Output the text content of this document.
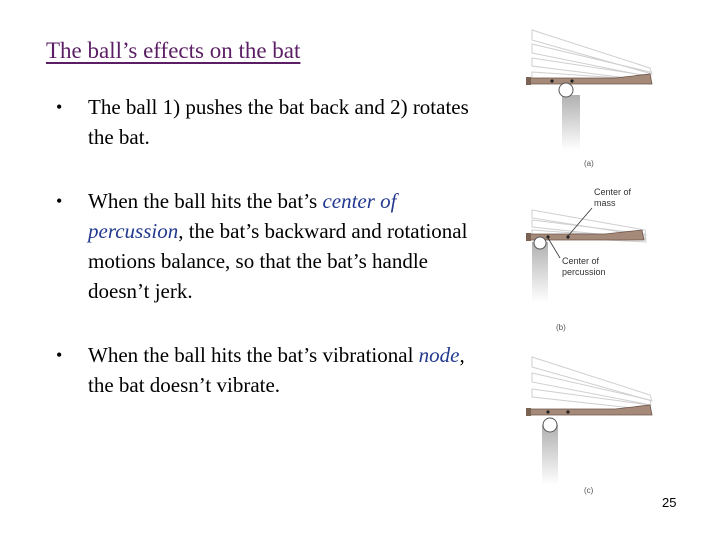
The ball’s effects on the bat
• The ball 1) pushes the bat back and 2) rotates the bat.
• When the ball hits the bat’s center of percussion, the bat’s backward and rotational motions balance, so that the bat’s handle doesn’t jerk.
• When the ball hits the bat’s vibrational node, the bat doesn’t vibrate.
(a)
Center of
mass
Center of
percussion
(b)
(c)
25
